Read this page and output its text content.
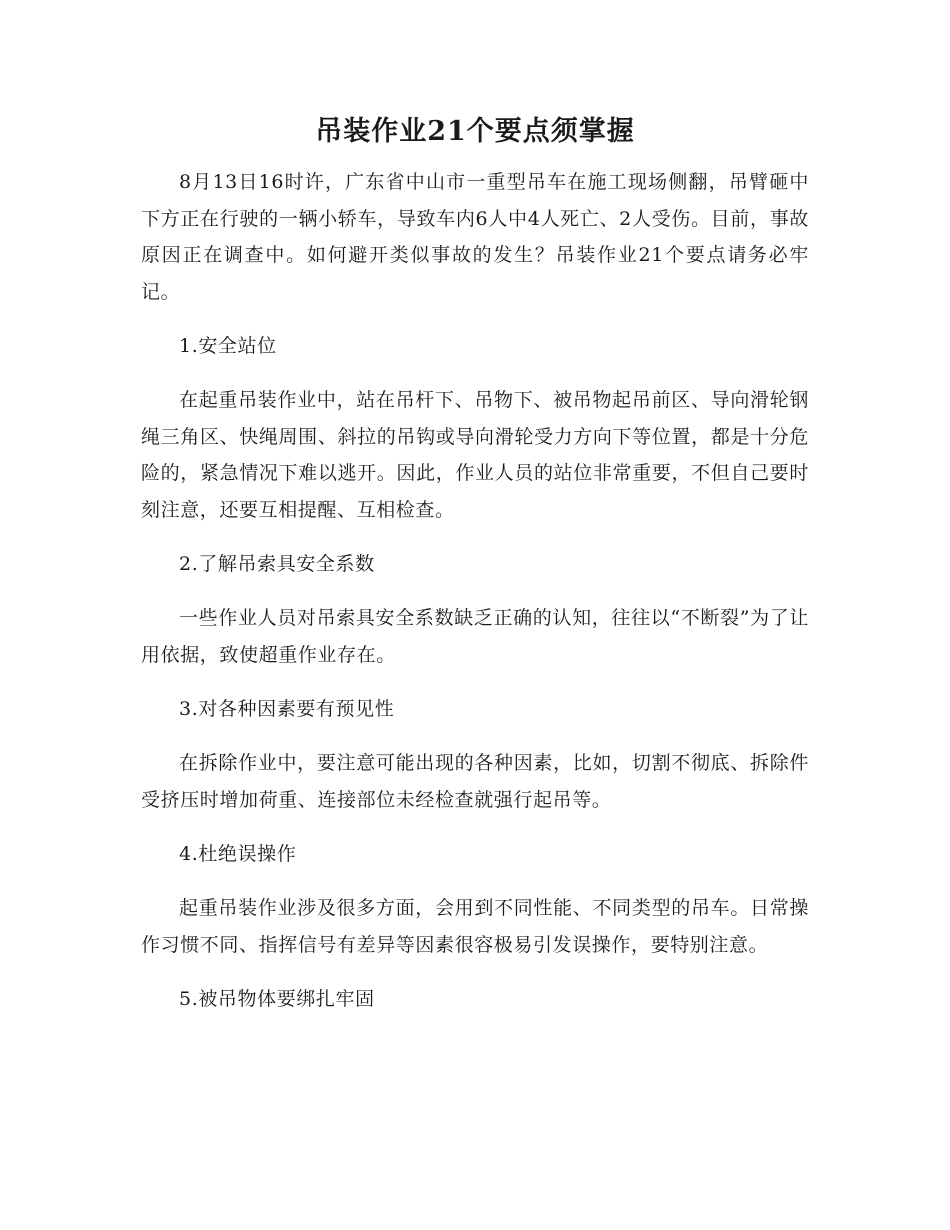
吊装作业21个要点须掌握

8月13日16时许，广东省中山市一重型吊车在施工现场侧翻，吊臂砸中下方正在行驶的一辆小轿车，导致车内6人中4人死亡、2人受伤。目前，事故原因正在调查中。如何避开类似事故的发生？吊装作业21个要点请务必牢记。

1.安全站位

在起重吊装作业中，站在吊杆下、吊物下、被吊物起吊前区、导向滑轮钢绳三角区、快绳周围、斜拉的吊钩或导向滑轮受力方向下等位置，都是十分危险的，紧急情况下难以逃开。因此，作业人员的站位非常重要，不但自己要时刻注意，还要互相提醒、互相检查。

2.了解吊索具安全系数

一些作业人员对吊索具安全系数缺乏正确的认知，往往以“不断裂”为了让用依据，致使超重作业存在。

3.对各种因素要有预见性

在拆除作业中，要注意可能出现的各种因素，比如，切割不彻底、拆除件受挤压时增加荷重、连接部位未经检查就强行起吊等。

4.杜绝误操作

起重吊装作业涉及很多方面，会用到不同性能、不同类型的吊车。日常操作习惯不同、指挥信号有差异等因素很容极易引发误操作，要特别注意。

5.被吊物体要绑扎牢固
